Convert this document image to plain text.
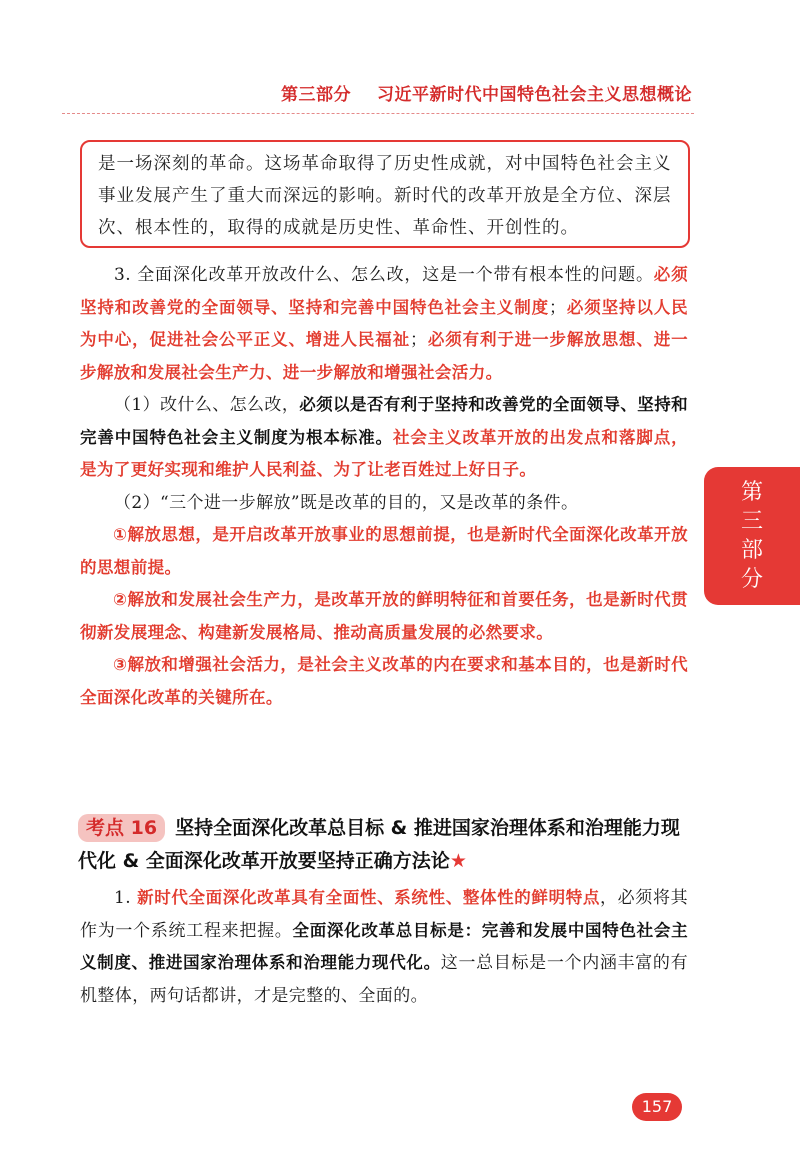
第三部分 习近平新时代中国特色社会主义思想概论
是一场深刻的革命。这场革命取得了历史性成就，对中国特色社会主义事业发展产生了重大而深远的影响。新时代的改革开放是全方位、深层次、根本性的，取得的成就是历史性、革命性、开创性的。

3. 全面深化改革开放改什么、怎么改，这是一个带有根本性的问题。必须坚持和改善党的全面领导、坚持和完善中国特色社会主义制度；必须坚持以人民为中心，促进社会公平正义、增进人民福祉；必须有利于进一步解放思想、进一步解放和发展社会生产力、进一步解放和增强社会活力。

（1）改什么、怎么改，必须以是否有利于坚持和改善党的全面领导、坚持和完善中国特色社会主义制度为根本标准。社会主义改革开放的出发点和落脚点，是为了更好实现和维护人民利益、为了让老百姓过上好日子。

（2）“三个进一步解放”既是改革的目的，又是改革的条件。

①解放思想，是开启改革开放事业的思想前提，也是新时代全面深化改革开放的思想前提。

②解放和发展社会生产力，是改革开放的鲜明特征和首要任务，也是新时代贯彻新发展理念、构建新发展格局、推动高质量发展的必然要求。

③解放和增强社会活力，是社会主义改革的内在要求和基本目的，也是新时代全面深化改革的关键所在。

考点 16 坚持全面深化改革总目标 & 推进国家治理体系和治理能力现代化 & 全面深化改革开放要坚持正确方法论★

1. 新时代全面深化改革具有全面性、系统性、整体性的鲜明特点，必须将其作为一个系统工程来把握。全面深化改革总目标是：完善和发展中国特色社会主义制度、推进国家治理体系和治理能力现代化。这一总目标是一个内涵丰富的有机整体，两句话都讲，才是完整的、全面的。

第三部分
157
